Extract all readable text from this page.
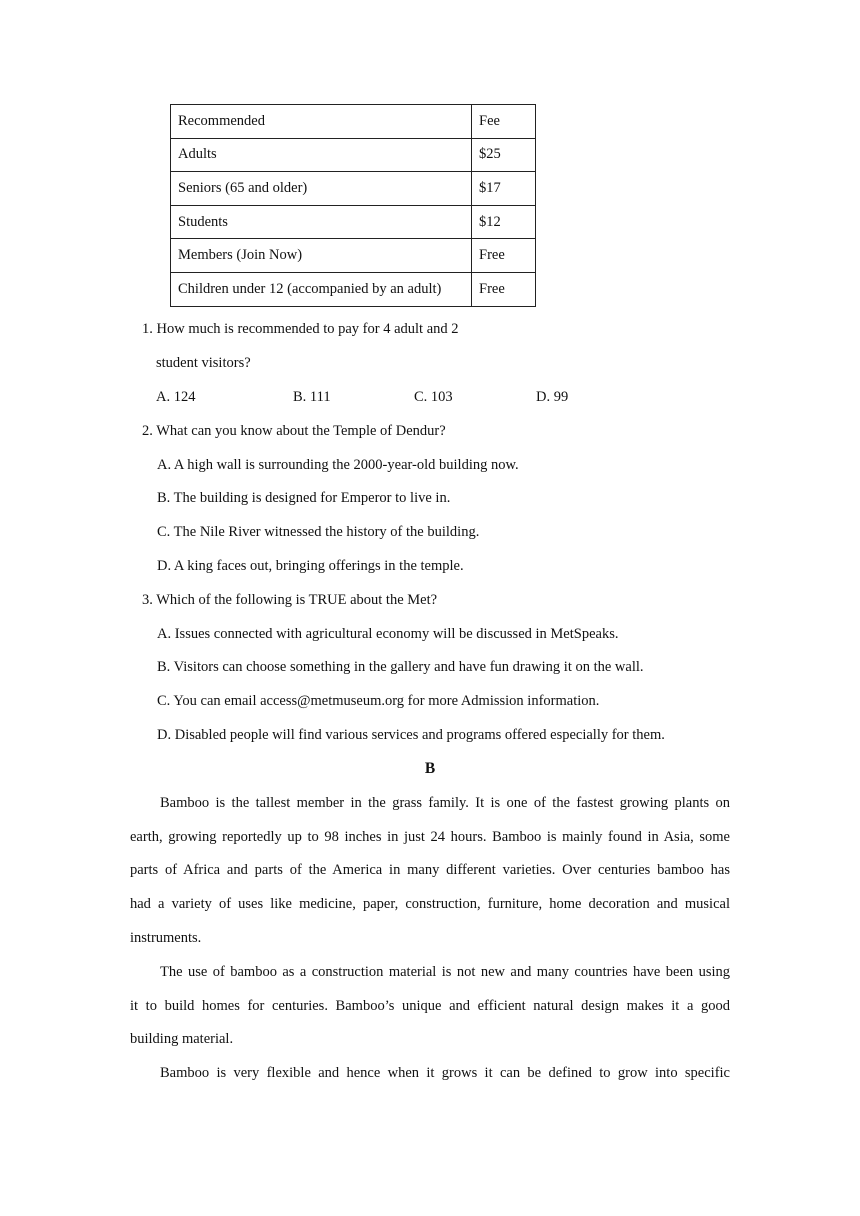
Recommended	Fee
Adults	$25
Seniors (65 and older)	$17
Students	$12
Members (Join Now)	Free
Children under 12 (accompanied by an adult)	Free
1. How much is recommended to pay for 4 adult and 2
student visitors?
A. 124	B. 111	C. 103	D. 99
2. What can you know about the Temple of Dendur?
A. A high wall is surrounding the 2000-year-old building now.
B. The building is designed for Emperor to live in.
C. The Nile River witnessed the history of the building.
D. A king faces out, bringing offerings in the temple.
3. Which of the following is TRUE about the Met?
A. Issues connected with agricultural economy will be discussed in MetSpeaks.
B. Visitors can choose something in the gallery and have fun drawing it on the wall.
C. You can email access@metmuseum.org for more Admission information.
D. Disabled people will find various services and programs offered especially for them.
B
Bamboo is the tallest member in the grass family. It is one of the fastest growing plants on
earth, growing reportedly up to 98 inches in just 24 hours. Bamboo is mainly found in Asia, some
parts of Africa and parts of the America in many different varieties. Over centuries bamboo has
had a variety of uses like medicine, paper, construction, furniture, home decoration and musical
instruments.
The use of bamboo as a construction material is not new and many countries have been using
it to build homes for centuries. Bamboo’s unique and efficient natural design makes it a good
building material.
Bamboo is very flexible and hence when it grows it can be defined to grow into specific
